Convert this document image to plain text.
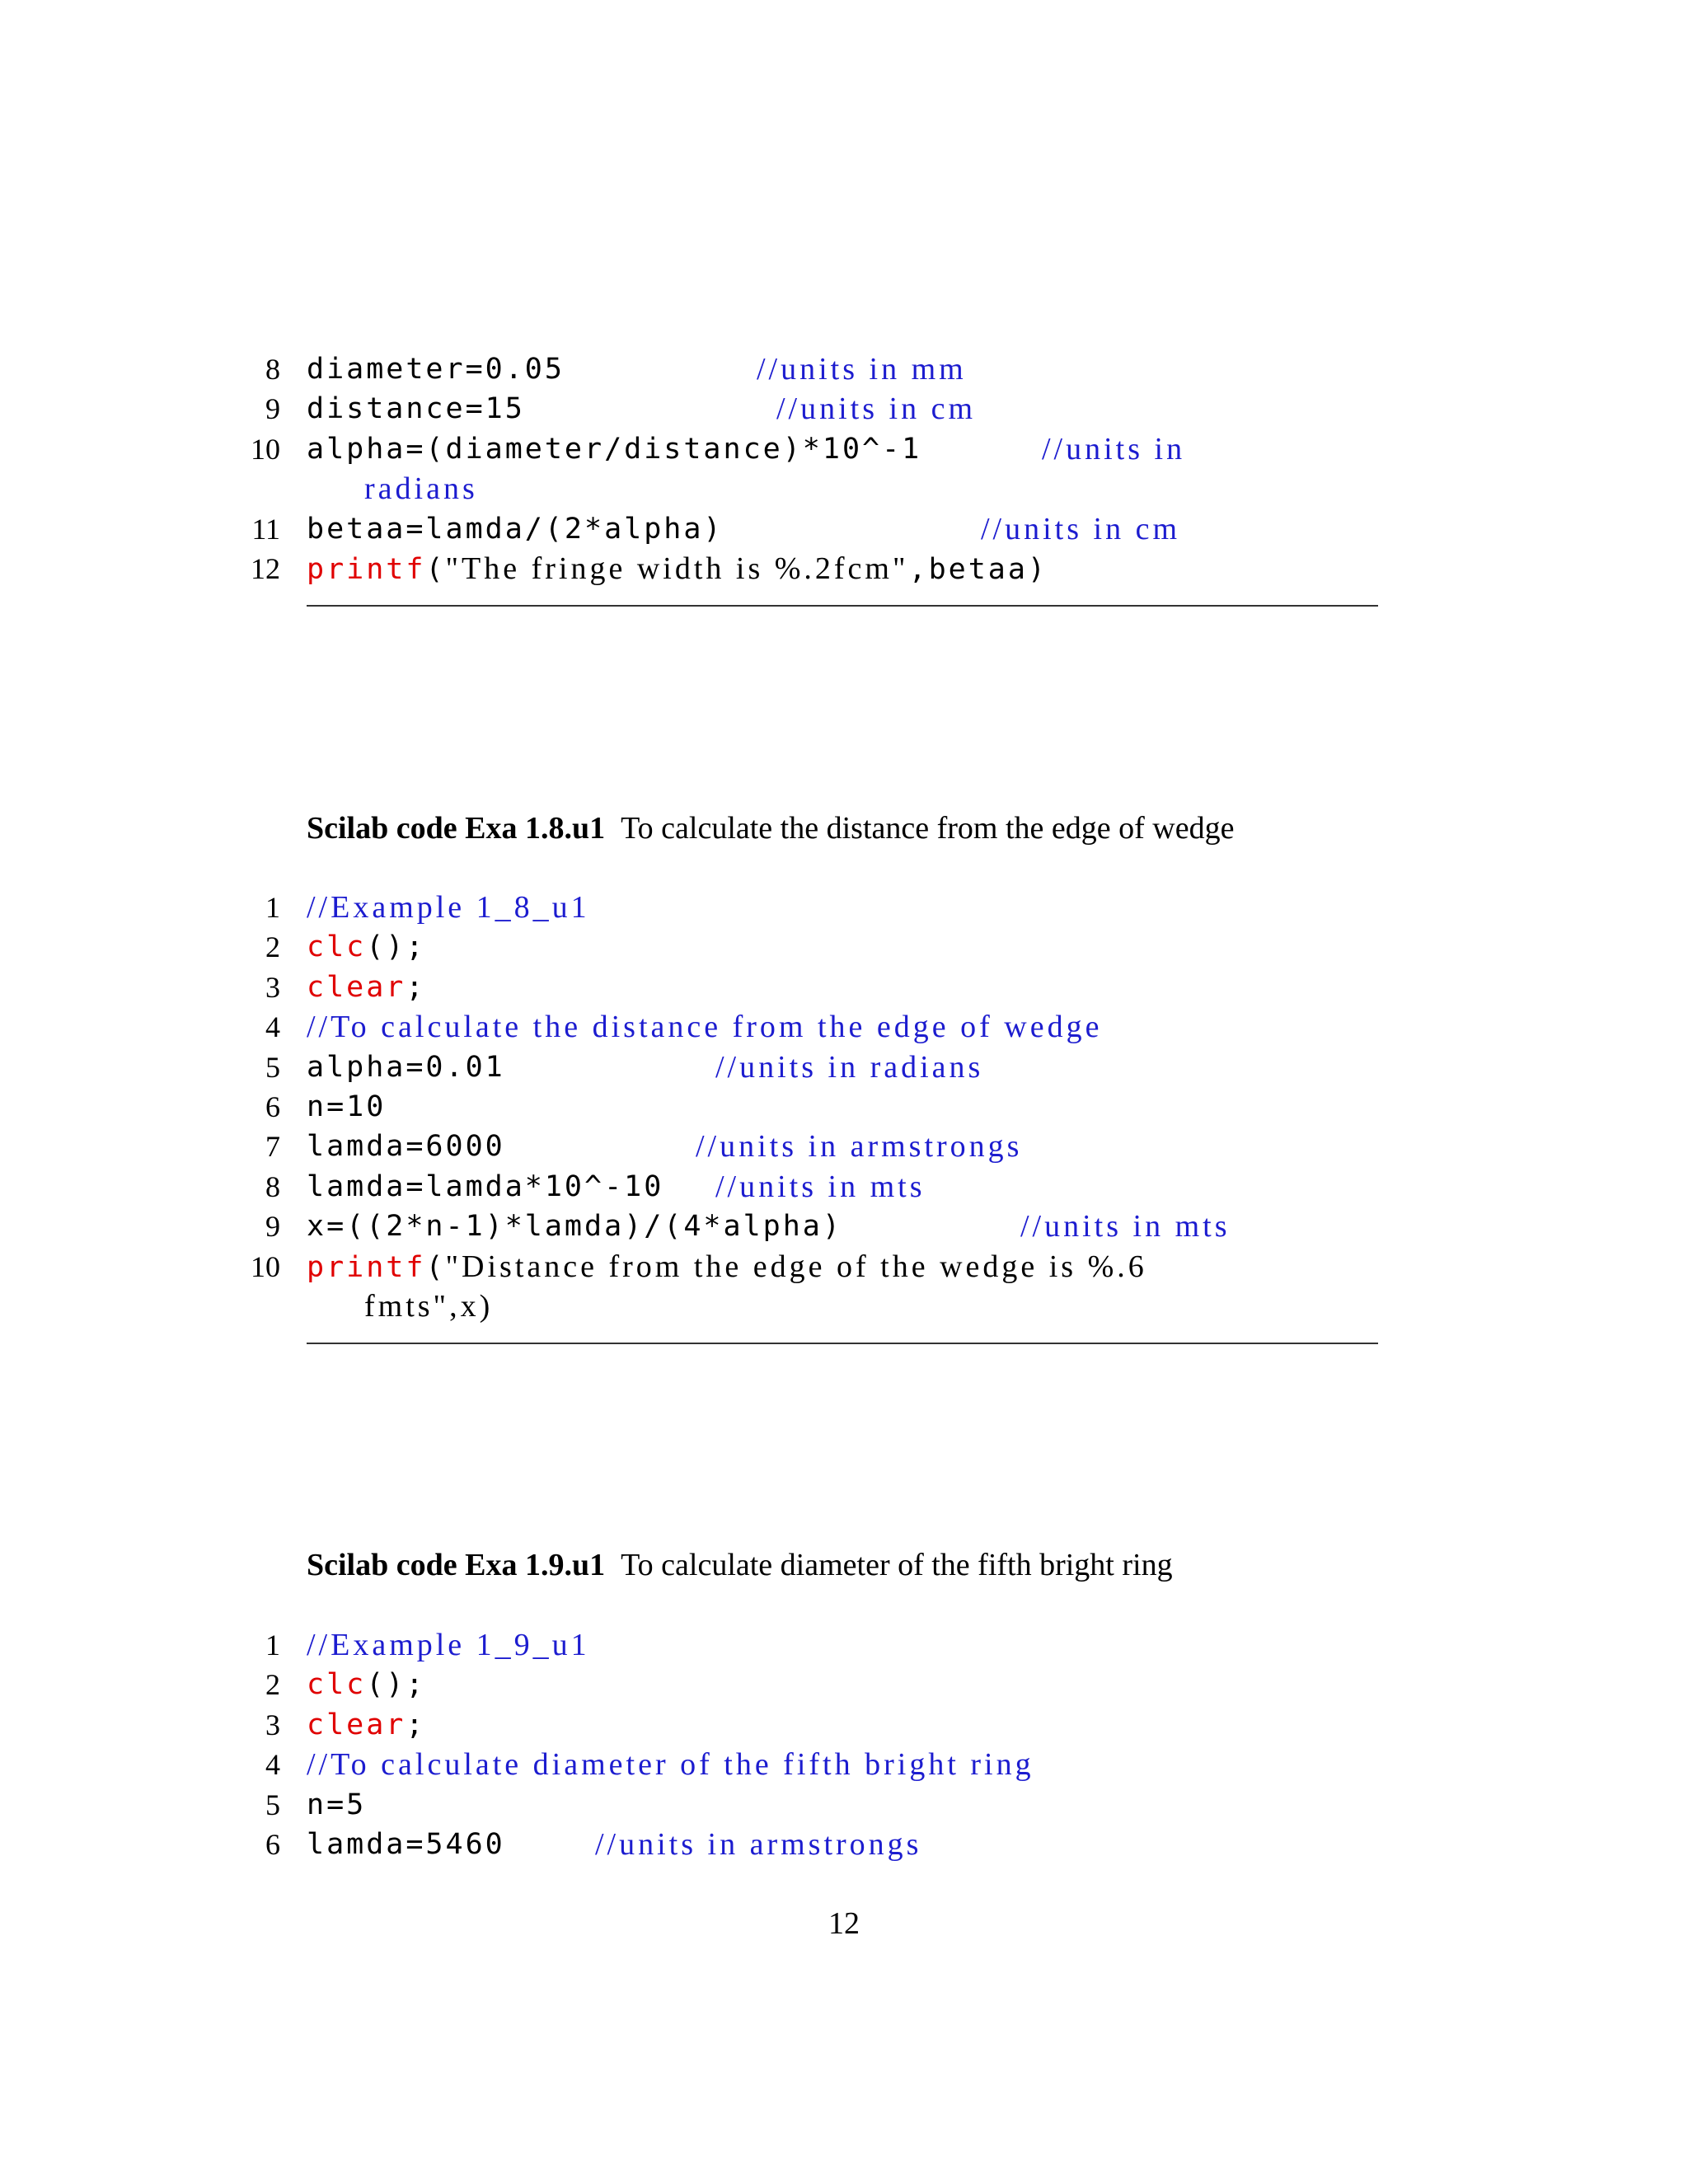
8

diameter=0.05

	//units in mm

9

distance=15

	//units in cm

10

alpha=(diameter/distance)*10^-1

	//units in

radians

11

betaa=lamda/(2*alpha)

	//units in cm

12

printf("The fringe width is %.2fcm",betaa)

Scilab code Exa 1.8.u1 To calculate the distance from the edge of wedge

1

//Example 1_8_u1

2

clc();

3

clear;

4

//To calculate the distance from the edge of wedge

5

alpha=0.01

	//units in radians

6

n=10

7

lamda=6000

	//units in armstrongs

8

lamda=lamda*10^-10

//units in mts

9

x=((2*n-1)*lamda)/(4*alpha)

	//units in mts

10

printf("Distance from the edge of the wedge is %.6

fmts",x)

Scilab code Exa 1.9.u1 To calculate diameter of the fifth bright ring

1

//Example 1_9_u1

2

clc();

3

clear;

4

//To calculate diameter of the fifth bright ring

5

n=5

6

lamda=5460

	//units in armstrongs

12
